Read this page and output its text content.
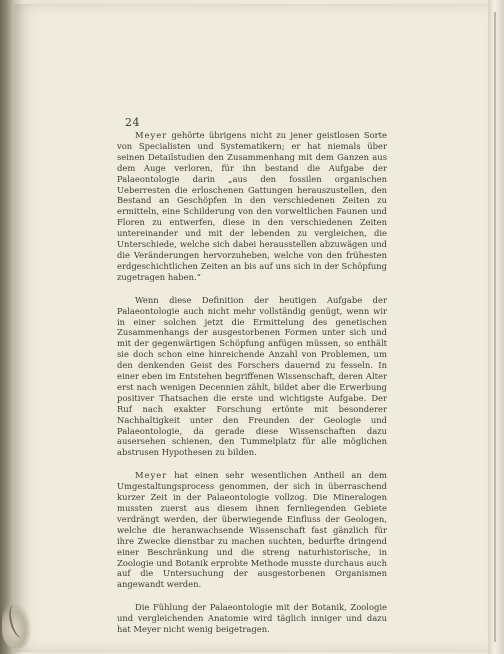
24

Meyer gehörte übrigens nicht zu jener geistlosen Sorte von Specialisten und Systematikern; er hat niemals über seinen Detailstudien den Zusammenhang mit dem Ganzen aus dem Auge verloren, für ihn bestand die Aufgabe der Palaeontologie darin „aus den fossilen organischen Ueberresten die erloschenen Gattungen herauszustellen, den Bestand an Geschöpfen in den verschiedenen Zeiten zu ermitteln, eine Schilderung von den vorweltlichen Faunen und Floren zu entwerfen, diese in den verschiedenen Zeiten untereinander und mit der lebenden zu vergleichen, die Unterschiede, welche sich dabei herausstellen abzuwägen und die Veränderungen hervorzuheben, welche von den frühesten erdgeschichtlichen Zeiten an bis auf uns sich in der Schöpfung zugetragen haben.“

Wenn diese Definition der heutigen Aufgabe der Palaeontologie auch nicht mehr vollständig genügt, wenn wir in einer solchen jetzt die Ermittelung des genetischen Zusammenhangs der ausgestorbenen Formen unter sich und mit der gegenwärtigen Schöpfung anfügen müssen, so enthält sie doch schon eine hinreichende Anzahl von Problemen, um den denkenden Geist des Forschers dauernd zu fesseln. In einer eben im Entstehen begriffenen Wissenschaft, deren Alter erst nach wenigen Decennien zählt, bildet aber die Erwerbung positiver Thatsachen die erste und wichtigste Aufgabe. Der Ruf nach exakter Forschung ertönte mit besonderer Nachhaltigkeit unter den Freunden der Geologie und Palaeontologie, da gerade diese Wissenschaften dazu ausersehen schienen, den Tummelplatz für alle möglichen abstrusen Hypothesen zu bilden.

Meyer hat einen sehr wesentlichen Antheil an dem Umgestaltungsprocess genommen, der sich in überraschend kurzer Zeit in der Palaeontologie vollzog. Die Mineralogen mussten zuerst aus diesem ihnen fernliegenden Gebiete verdrängt werden, der überwiegende Einfluss der Geologen, welche die heranwachsende Wissenschaft fast gänzlich für ihre Zwecke dienstbar zu machen suchten, bedurfte dringend einer Beschränkung und die streng naturhistorische, in Zoologie und Botanik erprobte Methode musste durchaus auch auf die Untersuchung der ausgestorbenen Organismen angewandt werden.

Die Fühlung der Palaeontologie mit der Botanik, Zoologie und vergleichenden Anatomie wird täglich inniger und dazu hat Meyer nicht wenig beigetragen.
